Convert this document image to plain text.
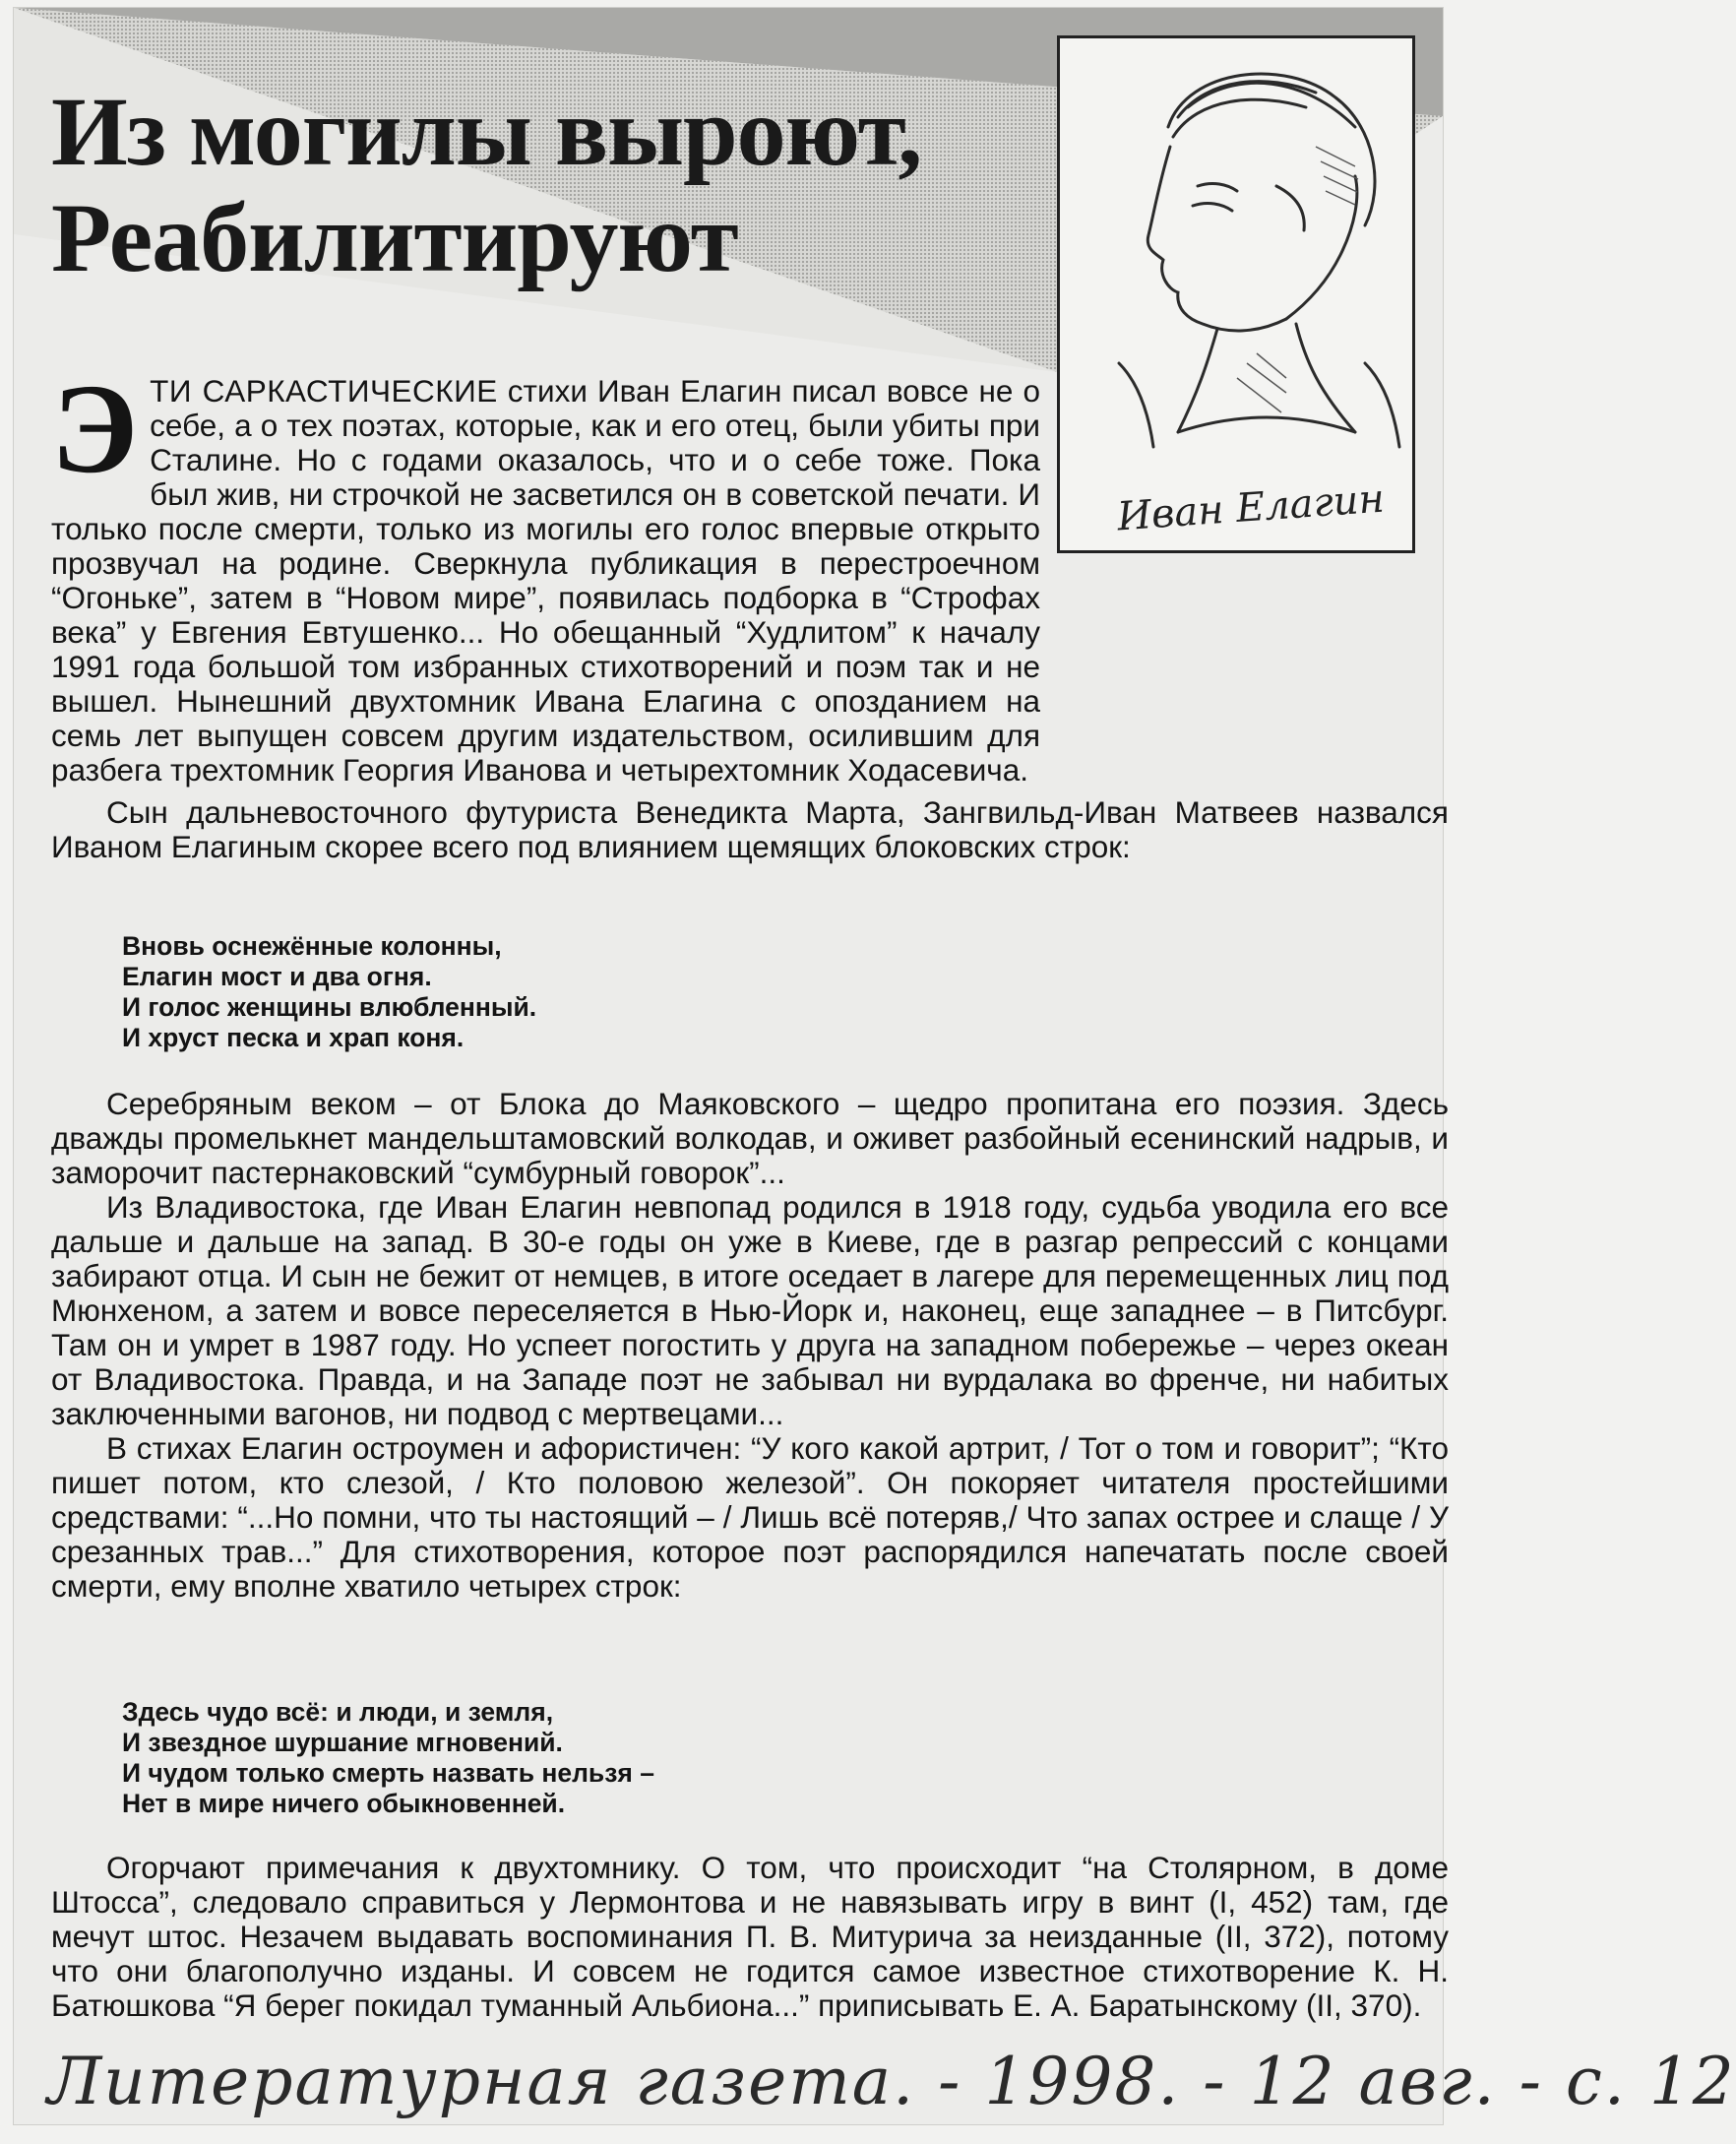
Из могилы выроют,
Реабилитируют
Иван Елагин

ЭТИ САРКАСТИЧЕСКИЕ стихи Иван Елагин писал вовсе не о себе, а о тех поэтах, которые, как и его отец, были убиты при Сталине. Но с годами оказалось, что и о себе тоже. Пока был жив, ни строчкой не засветился он в советской печати. И только после смерти, только из могилы его голос впервые открыто прозвучал на родине. Сверкнула публикация в перестроечном “Огоньке”, затем в “Новом мире”, появилась подборка в “Строфах века” у Евгения Евтушенко... Но обещанный “Худлитом” к началу 1991 года большой том избранных стихотворений и поэм так и не вышел. Нынешний двухтомник Ивана Елагина с опозданием на семь лет выпущен совсем другим издательством, осилившим для разбега трехтомник Георгия Иванова и четырехтомник Ходасевича.

Сын дальневосточного футуриста Венедикта Марта, Зангвильд-Иван Матвеев назвался Иваном Елагиным скорее всего под влиянием щемящих блоковских строк:

Вновь оснежённые колонны,
Елагин мост и два огня.
И голос женщины влюбленный.
И хруст песка и храп коня.

Серебряным веком – от Блока до Маяковского – щедро пропитана его поэзия. Здесь дважды промелькнет мандельштамовский волкодав, и оживет разбойный есенинский надрыв, и заморочит пастернаковский “сумбурный говорок”...

Из Владивостока, где Иван Елагин невпопад родился в 1918 году, судьба уводила его все дальше и дальше на запад. В 30-е годы он уже в Киеве, где в разгар репрессий с концами забирают отца. И сын не бежит от немцев, в итоге оседает в лагере для перемещенных лиц под Мюнхеном, а затем и вовсе переселяется в Нью-Йорк и, наконец, еще западнее – в Питсбург. Там он и умрет в 1987 году. Но успеет погостить у друга на западном побережье – через океан от Владивостока. Правда, и на Западе поэт не забывал ни вурдалака во френче, ни набитых заключенными вагонов, ни подвод с мертвецами...

В стихах Елагин остроумен и афористичен: “У кого какой артрит, / Тот о том и говорит”; “Кто пишет потом, кто слезой, / Кто половою железой”. Он покоряет читателя простейшими средствами: “...Но помни, что ты настоящий – / Лишь всё потеряв,/ Что запах острее и слаще / У срезанных трав...” Для стихотворения, которое поэт распорядился напечатать после своей смерти, ему вполне хватило четырех строк:

Здесь чудо всё: и люди, и земля,
И звездное шуршание мгновений.
И чудом только смерть назвать нельзя –
Нет в мире ничего обыкновенней.

Огорчают примечания к двухтомнику. О том, что происходит “на Столярном, в доме Штосса”, следовало справиться у Лермонтова и не навязывать игру в винт (I, 452) там, где мечут штос. Незачем выдавать воспоминания П. В. Митурича за неизданные (II, 372), потому что они благополучно изданы. И совсем не годится самое известное стихотворение К. Н. Батюшкова “Я берег покидал туманный Альбиона...” приписывать Е. А. Баратынскому (II, 370).

Литературная газета. - 1998. - 12 авг. - с. 12
